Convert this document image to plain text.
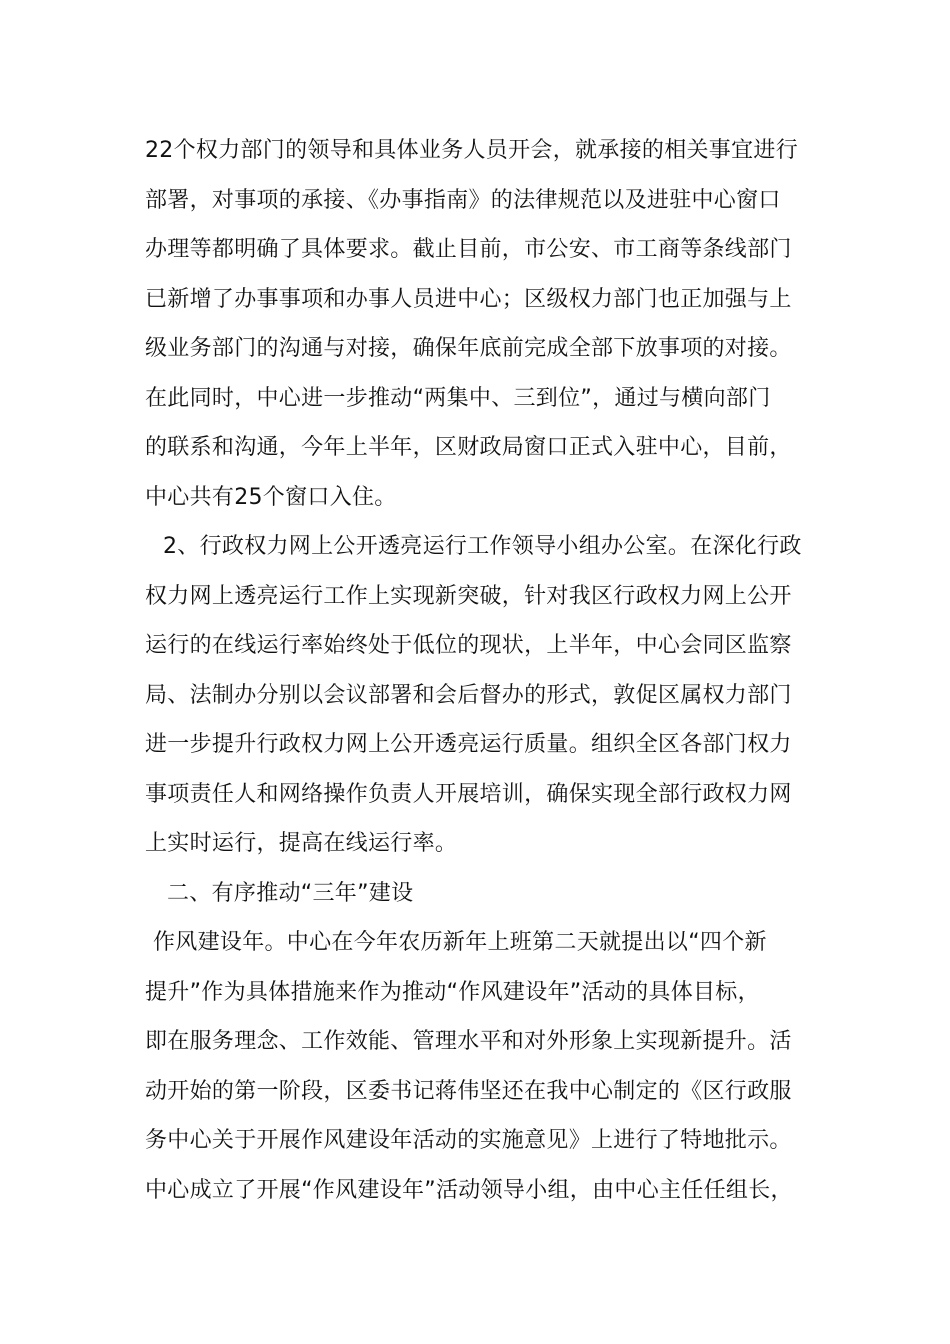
22个权力部门的领导和具体业务人员开会，就承接的相关事宜进行
部署，对事项的承接、《办事指南》的法律规范以及进驻中心窗口
办理等都明确了具体要求。截止目前，市公安、市工商等条线部门
已新增了办事事项和办事人员进中心；区级权力部门也正加强与上
级业务部门的沟通与对接，确保年底前完成全部下放事项的对接。
在此同时，中心进一步推动“两集中、三到位”，通过与横向部门
的联系和沟通，今年上半年，区财政局窗口正式入驻中心，目前，
中心共有25个窗口入住。
2、行政权力网上公开透亮运行工作领导小组办公室。在深化行政
权力网上透亮运行工作上实现新突破，针对我区行政权力网上公开
运行的在线运行率始终处于低位的现状，上半年，中心会同区监察
局、法制办分别以会议部署和会后督办的形式，敦促区属权力部门
进一步提升行政权力网上公开透亮运行质量。组织全区各部门权力
事项责任人和网络操作负责人开展培训，确保实现全部行政权力网
上实时运行，提高在线运行率。
二、有序推动“三年”建设
作风建设年。中心在今年农历新年上班第二天就提出以“四个新
提升”作为具体措施来作为推动“作风建设年”活动的具体目标，
即在服务理念、工作效能、管理水平和对外形象上实现新提升。活
动开始的第一阶段，区委书记蒋伟坚还在我中心制定的《区行政服
务中心关于开展作风建设年活动的实施意见》上进行了特地批示。
中心成立了开展“作风建设年”活动领导小组，由中心主任任组长，
